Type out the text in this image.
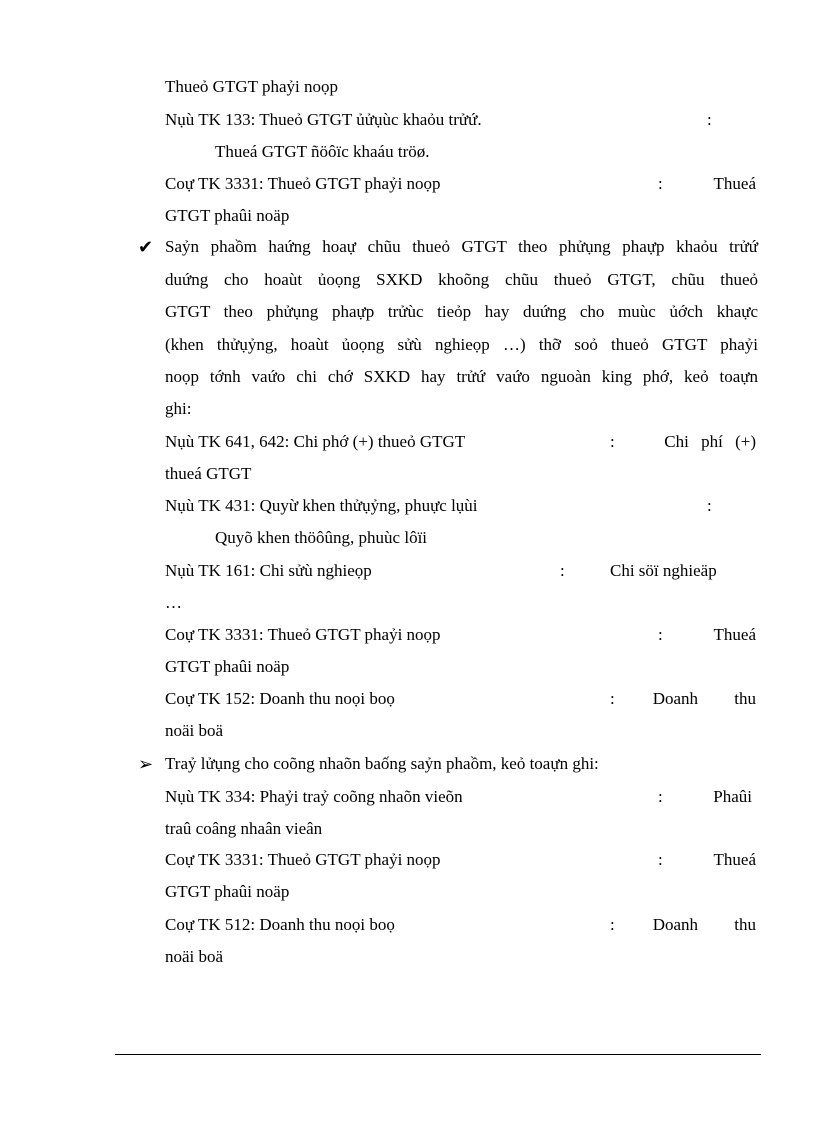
Thueỏ GTGT phaỷi noọp
Nụù TK 133: Thueỏ GTGT ủửụùc khaỏu trửứ.	:
Thueá GTGT ñöôïc khaáu tröø.
Coự TK 3331: Thueỏ GTGT phaỷi noọp	:	Thueá
GTGT phaûi noäp
✔ Saỷn phaồm haứng hoaự chũu thueỏ GTGT theo phửụng phaựp khaỏu trửứ
duứng cho hoaùt ủoọng SXKD khoõng chũu thueỏ GTGT, chũu thueỏ
GTGT theo phửụng phaựp trửùc tieỏp hay duứng cho muùc ủớch khaực
(khen thửụỷng, hoaùt ủoọng sửù nghieọp …) thỡ soỏ thueỏ GTGT phaỷi
noọp tớnh vaứo chi chớ SXKD hay trửứ vaứo nguoàn king phớ, keỏ toaựn
ghi:
Nụù TK 641, 642: Chi phớ (+) thueỏ GTGT	:	Chi phí (+)
thueá GTGT
Nụù TK 431: Quyừ khen thửụỷng, phuực lụùi	:
Quyõ khen thöôûng, phuùc lôïi
Nụù TK 161: Chi sửù nghieọp	:	Chi söï nghieäp
…
Coự TK 3331: Thueỏ GTGT phaỷi noọp	:	Thueá
GTGT phaûi noäp
Coự TK 152: Doanh thu noọi boọ	: Doanh thu
noäi boä
➢ Traỷ lửụng cho coõng nhaõn baống saỷn phaồm, keỏ toaựn ghi:
Nụù TK 334: Phaỷi traỷ coõng nhaõn vieõn	:	Phaûi
traû coâng nhaân vieân
Coự TK 3331: Thueỏ GTGT phaỷi noọp	:	Thueá
GTGT phaûi noäp
Coự TK 512: Doanh thu noọi boọ	: Doanh thu
noäi boä
